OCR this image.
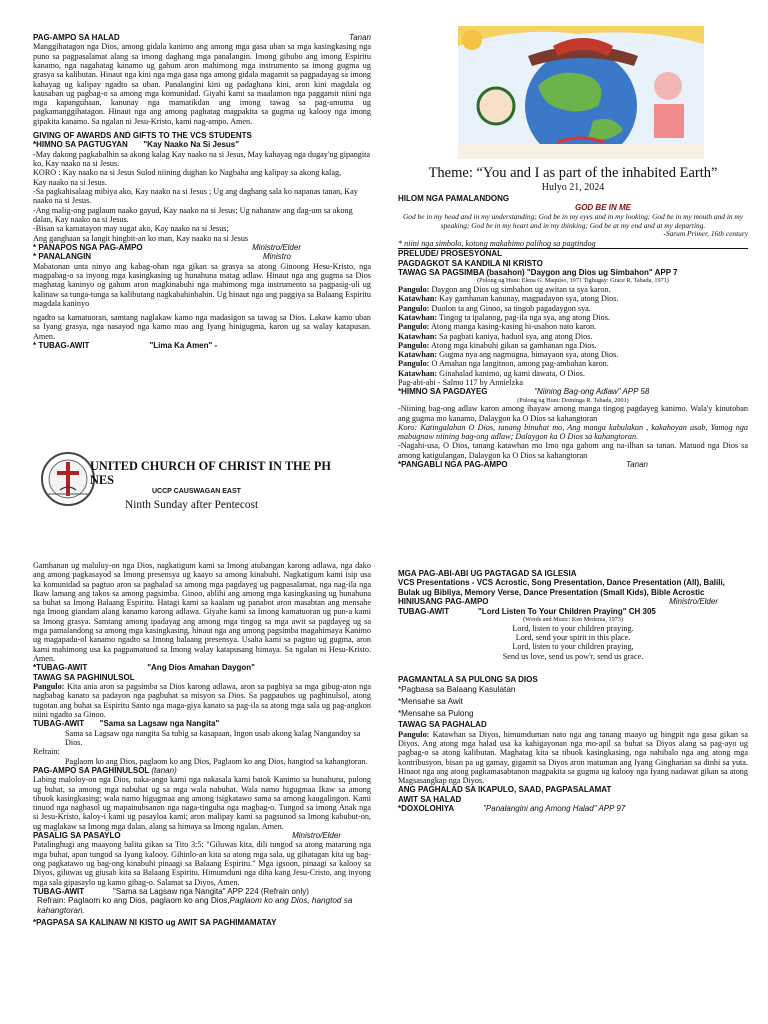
PAG-AMPO SA HALAD	Tanan

Manggihatagon nga Dios, among gidala kanimo ang among mga gasa uban sa mga kasingkasing nga puno sa pagpasalamat alang sa imong daghang mga panalangin. Imong gibubo ang imong Espiritu kanamo, nga nagahatag kanamo ug gahum aron mahimong mga instrumento sa imong gugma ug grasya sa kalibutan. Hinaut nga kini nga mga gasa nga among gidala magamit sa pagpadayag sa imong kahayag ug kalipay ngadto sa uban. Panalangini kini ug padaghana kini, aron kini magdala og kausaban ug pagbag-o sa among mga komunidad. Giyahi kami sa maalamon nga paggamit niini nga mga kapanguhaan, kanunay nga mamatikdan ang imong tawag sa pag-amuma ug pagkamanggihatagon. Hinaut nga ang among paghatag magpakita sa gugma ug kalooy nga imong gipakita kanamo. Sa ngalan ni Jesu-Kristo, kami nag-ampo. Amen.

GIVING OF AWARDS AND GIFTS TO THE VCS STUDENTS
*HIMNO SA PAGTUGYAN "Kay Naako Na Si Jesus"

-May dakong pagkabalhin sa akong kalag Kay naako na si Jesus, May kahayag nga dugay'ng gipangita ko, Kay naako na si Jesus.

KORO : Kay naako na si Jesus Sulod niining dughan ko Nagbaha ang kalipay sa akong kalag,

Kay naako na si Jesus.

-Sa pagkahisalaag mibiya ako, Kay naako na si Jesus ; Ug ang daghang sala ko napanas tanan, Kay naako na si Jesus.

-Ang malig-ong paglaum naako gayud, Kay naako na si Jesus; Ug nahanaw ang dag-um sa akong dalan, Kay naako na si Jesus.

-Bisan sa kamatayon may sugat ako, Kay naako na si Jesus;

Ang ganghaan sa langit hingbit-an ko man, Kay naako na si Jesus

* PANAPOS NGA PAG-AMPO	Ministro/Elder
* PANALANGIN	Ministro

Mabatonan unta ninyo ang kabag-ohan nga gikan sa grasya sa atong Ginoong Hesu-Kristo, nga magpabag-o sa inyong mga kasingkasing ug hunahuna matag adlaw. Hinaut nga ang gugma sa Dios maghatag kaninyo og gahum aron magkinabuhi nga mahimong mga instrumento sa pagpasig-uli ug kalinaw sa tunga-tunga sa kalibutang nagkabahinbahin. Ug hinaut nga ang paggiya sa Balaang Espiritu magdala kaninyo

ngadto sa kamatuoran, samtang naglakaw kamo nga madasigon sa tawag sa Dios. Lakaw kamo uban sa Iyang grasya, nga nasayod nga kamo mao ang Iyang hinigugma, karon ug sa walay katapusan. Amen.

* TUBAG-AWIT	"Lima Ka Amen" -
UNITED CHURCH OF CHRIST IN THE PH NES
UCCP CAUSWAGAN EAST
Ninth Sunday after Pentecost
Theme: “You and I as part of the inhabited Earth”
Hulyo 21, 2024
HILOM NGA PAMALANDONG
GOD BE IN ME

God be in my head and in my understanding; God be in my eyes and in my looking; God be in my mouth and in my speaking; God be in my heart and in my thinking; God be at my end and at my departing.

-Sarum Primer, 16th century

* niini nga simbolo, kotong makahimo palihog sa pagtindog

PRELUDE/ PROSESYONAL
PAGDAGKOT SA KANDILA NI KRISTO
TAWAG SA PAGSIMBA (basahon) "Daygon ang Dios ug Simbahon" APP 7

(Pulong ug Huni: Elena G. Maquiso, 1971 Tighugay: Grace R. Tabada, 1971)

Pangulo: Daygon ang Dios ug simbahon ug awitan ta sya karon.

Katawhan: Kay gamhanan kanunay, magpadayon sya, atong Dios.

Pangulo: Duolon ta ang Ginoo, sa tingob pagadaygon sya.

Katawhan: Tingog ta ipalanog, pag-ila nga sya, ang atong Dios.

Pangulo: Atong manga kasing-kasing hi-usahon nato karon.

Katawhan: Sa pagbati kaniya, haduol sya, ang atong Dios.

Pangulo: Atong mga kinabuhi gikan sa gamhanan nga Dios.

Katawhan: Gugma nya ang nagmugna, himayaon sya, atong Dios.

Pangulo: O Amahan nga langitnon, among pag-ambahan karon.

Katawhan: Ginahalad kanimo, ug kami dawata, O Dios.

Pag-abi-abi - Salmo 117 by Annielzka

*HIMNO SA PAGDAYEG	"Niining Bag-ong Adlaw" APP 58

(Pulong ug Huni: Dominga R. Tabada, 2001)

-Niining bag-ong adlaw karon among ibayaw among manga tingog pagdayeg kanimo. Wala'y kinutoban ang gugma mo kanamo, Dalaygon ka O Dios sa kahangtoran

Koro: Katingalahan O Dios, tanang binuhat mo, Ang manga kabulakan , kakahoyan usab, Yamog nga mabugnaw niining bag-ong adlaw; Dalaygon ka O Dios sa kahangtoran.

-Nagahi-usa, O Dios, tanang katawhan mo Imo nga gahom ang na-ilhan sa tanan. Matuod nga Dios sa among katigulangan, Dalaygon ka O Dios sa kahangtoran

*PANGABLI NGA PAG-AMPO	Tanan

Gamhanan ug maluluy-on nga Dios, nagkatigum kami sa Imong atubangan karong adlawa, nga dako ang among pagkasayod sa Imong presensya ug kaayo sa among kinabuhi. Nagkatigum kami isip usa ka komunidad sa pagtuo aron sa paghalad sa among mga pagdayeg ug pagpasalamat, nga nag-ila nga Ikaw lamang ang takos sa among pagsimba. Ginoo, ablihi ang among mga kasingkasing ug hunahuna sa buhat sa Imong Balaang Espiritu. Hatagi kami sa kaalam ug panabot aron masabtan ang mensahe nga Imong giandam alang kanamo karong adlawa. Giyahe kami sa Imong kamatuoran ug pun-a kami sa Imong grasya. Samtang among ipadayag ang among mga tingog sa mga awit sa pagdayeg ug sa mga pamalandong sa among mga kasingkasing, hinaut nga ang among pagsimba magahimaya Kanimo ug magapadu-ol kanamo ngadto sa Imong balaang presensya. Usaha kami sa pagtuo ug gugma, aron kami mahimong usa ka pagpamatuod sa Imong walay katapusang himaya. Sa ngalan ni Hesu-Kristo. Amen.

*TUBAG-AWIT	"Ang Dios Amahan Daygon"
TAWAG SA PAGHINULSOL

Pangulo: Kita ania aron sa pagsimba sa Dios karong adlawa, aron sa pagbiya sa mga gibug-aton nga nagbabag kanato sa padayon nga pagbuhat sa misyon sa Dios. Sa pagpaubos ug paghinulsol, atong tugotan ang buhat sa Espiritu Santo nga maga-giya kanato sa pag-ila sa atong mga sala ug pag-angkon niini ngadto sa Ginoo.

TUBAG-AWIT "Sama sa Lagsaw nga Nangita"

Sama sa Lagsaw nga nangita Sa tubig sa kasapaan, Ingon usab akong kalag Nangandoy sa Dios.

Refrain:

Paglaom ko ang Dios, paglaom ko ang Dios, Paglaom ko ang Dios, hangtod sa kahangtoran.

PAG-AMPO SA PAGHINULSOL (tanan)

Labing maloloy-on nga Dios, naka-ango kami nga nakasala kami batok Kanimo sa hunahuna, pulong ug buhat, sa among mga nabuhat ug sa mga wala nabuhat. Wala namo higugmaa Ikaw sa among tibuok kasingkasing; wala namo higugmaa ang among isigkatawo sama sa among kaugalingon. Kami tinuod nga nagbasol ug mapainubsanon nga naga-tinguha nga magbag-o. Tungod sa imong Anak nga si Jesu-Kristo, kaloy-i kami ug pasayloa kami; aron malipay kami sa pagsunod sa Imong kabubut-on, ug maglakaw sa Imong mga dalan, alang sa himaya sa Imong ngalan. Amen.

PASALIG SA PASAYLO	Ministro/Elder

Patalinghugi ang maayong balita gikan sa Tito 3:5: "Giluwas kita, dili tungod sa atong matarung nga mga buhat, apan tungod sa Iyang kalooy. Gihinlo-an kita sa atong mga sala, ug gihatagan kita ug bag-ong pagkatawo ug bag-ong kinabuhi pinaagi sa Balaang Espiritu." Mga igsoon, pinaagi sa kalooy sa Diyos, giluwas ug giusab kita sa Balaang Espiritu. Himumduni nga diha kang Jesu-Cristo, ang inyong mga sala gipasaylo ug kamo gibag-o. Salamat sa Diyos, Amen.

TUBAG-AWIT	"Sama sa Lagsaw nga Nangita" APP 224 (Refrain only)

Refrain: Paglaom ko ang Dios, paglaom ko ang Dios,Paglaom ko ang Dios, hangtod sa kahangtoran.

*PAGPASA SA KALINAW NI KISTO ug AWIT SA PAGHIMAMATAY
MGA PAG-ABI-ABI UG PAGTAGAD SA IGLESIA

VCS Presentations - VCS Acrostic, Song Presentation, Dance Presentation (All), Balili, Bulak ug Bibliya, Memory Verse, Dance Presentation (Small Kids), Bible Acrostic

HINIUSANG PAG-AMPO	Ministro/Elder
TUBAG-AWIT	"Lord Listen To Your Children Praying" CH 305

(Words and Music: Ken Medema, 1973)

Lord, listen to your children praying.

Lord, send your spirit in this place.

Lord, listen to your children praying,

Send us love, send us pow'r, send us grace.

PAGMANTALA SA PULONG SA DIOS

*Pagbasa sa Balaang Kasulatan

*Mensahe sa Awit

*Mensahe sa Pulong

TAWAG SA PAGHALAD

Pangulo: Katawhan sa Diyos, himumduman nato nga ang tanang maayo ug hingpit nga gasa gikan sa Diyos. Ang atong mga halad usa ka kahigayonan nga mo-apil sa buhat sa Diyos alang sa pag-ayo ug pagbag-o sa atong kalibutan. Maghatag kita sa tibuok kasingkasing, nga nahibalo nga ang atong mga kontribusyon, bisan pa ug gamay, gigamit sa Diyos aron matuman ang Iyang Gingharian sa dinhi sa yuta. Hinaot nga ang atong pagkamasabtanon magpakita sa gugma ug kalooy nga Iyang nadawat gikan sa atong Magsasangkap nga Diyos.

ANG PAGHALAD SA IKAPULO, SAAD, PAGPASALAMAT
AWIT SA HALAD
*DOXOLOHIYA	"Panalangini ang Among Halad" APP 97
